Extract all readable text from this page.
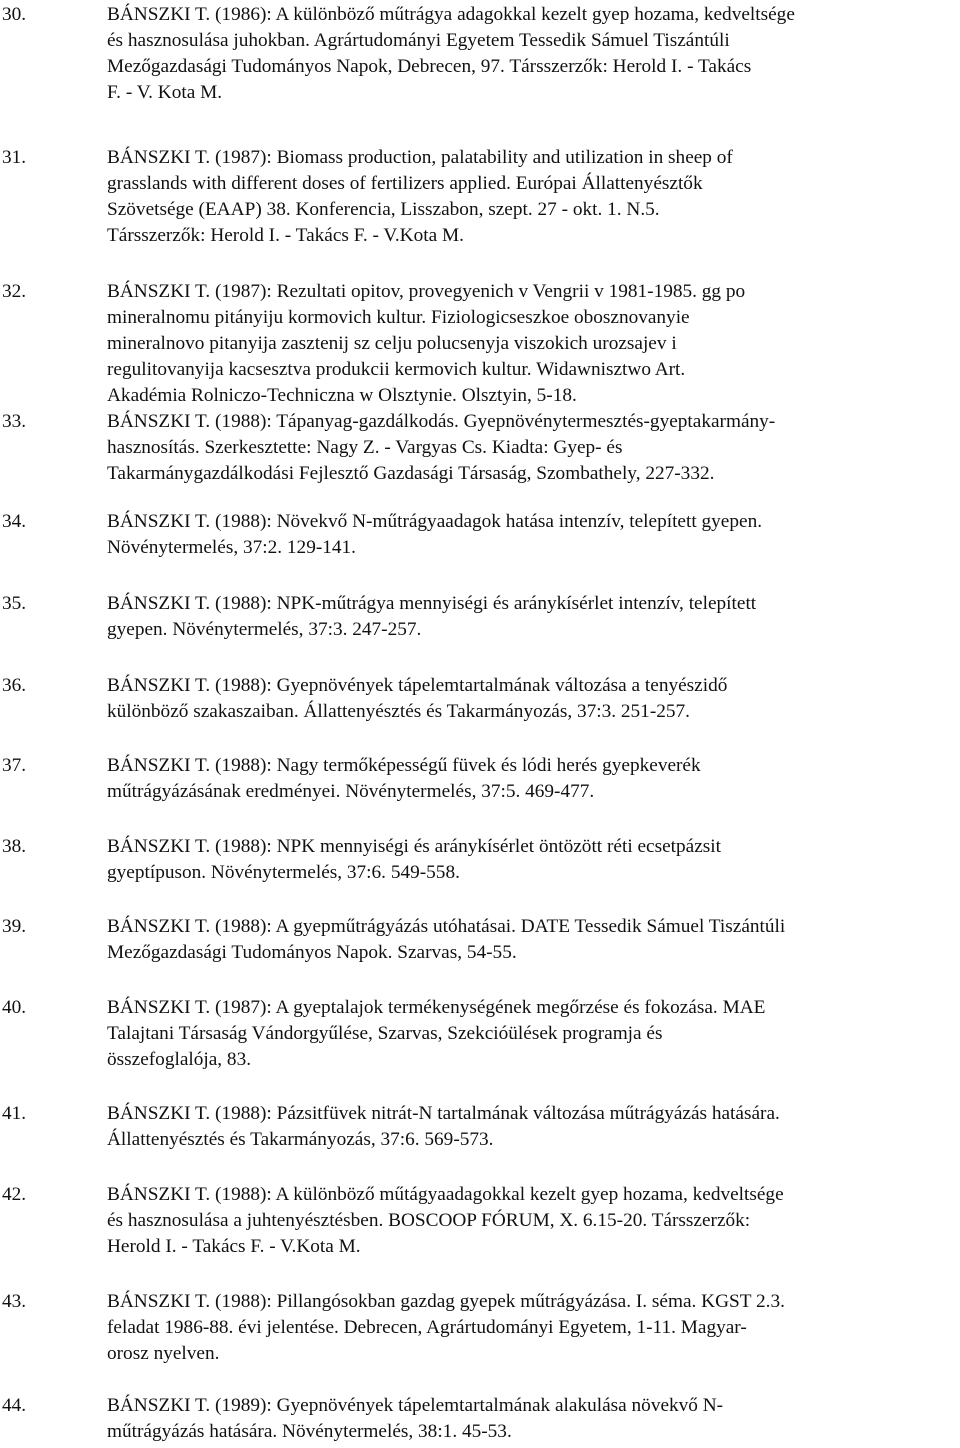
30.	BÁNSZKI T. (1986): A különböző műtrágya adagokkal kezelt gyep hozama, kedveltsége
és hasznosulása juhokban. Agrártudományi Egyetem Tessedik Sámuel Tiszántúli
Mezőgazdasági Tudományos Napok, Debrecen, 97. Társszerzők: Herold I. - Takács
F. - V. Kota M.
31.	BÁNSZKI T. (1987): Biomass production, palatability and utilization in sheep of
grasslands with different doses of fertilizers applied. Európai Állattenyésztők
Szövetsége (EAAP) 38. Konferencia, Lisszabon, szept. 27 - okt. 1. N.5.
Társszerzők: Herold I. - Takács F. - V.Kota M.
32.	BÁNSZKI T. (1987): Rezultati opitov, provegyenich v Vengrii v 1981-1985. gg po
mineralnomu pitányiju kormovich kultur. Fiziologicseszkoe obosznovanyie
mineralnovo pitanyija zasztenij sz celju polucsenyja viszokich urozsajev i
regulitovanyija kacsesztva produkcii kermovich kultur. Widawnisztwo Art.
Akadémia Rolniczo-Techniczna w Olsztynie. Olsztyin, 5-18.
33.	BÁNSZKI T. (1988): Tápanyag-gazdálkodás. Gyepnövénytermesztés-gyeptakarmány-
hasznosítás. Szerkesztette: Nagy Z. - Vargyas Cs. Kiadta: Gyep- és
Takarmánygazdálkodási Fejlesztő Gazdasági Társaság, Szombathely, 227-332.
34.	BÁNSZKI T. (1988): Növekvő N-műtrágyaadagok hatása intenzív, telepített gyepen.
Növénytermelés, 37:2. 129-141.
35.	BÁNSZKI T. (1988): NPK-műtrágya mennyiségi és aránykísérlet intenzív, telepített
gyepen. Növénytermelés, 37:3. 247-257.
36.	BÁNSZKI T. (1988): Gyepnövények tápelemtartalmának változása a tenyészidő
különböző szakaszaiban. Állattenyésztés és Takarmányozás, 37:3. 251-257.
37.	BÁNSZKI T. (1988): Nagy termőképességű füvek és lódi herés gyepkeverék
műtrágyázásának eredményei. Növénytermelés, 37:5. 469-477.
38.	BÁNSZKI T. (1988): NPK mennyiségi és aránykísérlet öntözött réti ecsetpázsit
gyeptípuson. Növénytermelés, 37:6. 549-558.
39.	BÁNSZKI T. (1988): A gyepműtrágyázás utóhatásai. DATE Tessedik Sámuel Tiszántúli
Mezőgazdasági Tudományos Napok. Szarvas, 54-55.
40.	BÁNSZKI T. (1987): A gyeptalajok termékenységének megőrzése és fokozása. MAE
Talajtani Társaság Vándorgyűlése, Szarvas, Szekcióülések programja és
összefoglalója, 83.
41.	BÁNSZKI T. (1988): Pázsitfüvek nitrát-N tartalmának változása műtrágyázás hatására.
Állattenyésztés és Takarmányozás, 37:6. 569-573.
42.	BÁNSZKI T. (1988): A különböző műtágyaadagokkal kezelt gyep hozama, kedveltsége
és hasznosulása a juhtenyésztésben. BOSCOOP FÓRUM, X. 6.15-20. Társszerzők:
Herold I. - Takács F. - V.Kota M.
43.	BÁNSZKI T. (1988): Pillangósokban gazdag gyepek műtrágyázása. I. séma. KGST 2.3.
feladat 1986-88. évi jelentése. Debrecen, Agrártudományi Egyetem, 1-11. Magyar-
orosz nyelven.
44.	BÁNSZKI T. (1989): Gyepnövények tápelemtartalmának alakulása növekvő N-
műtrágyázás hatására. Növénytermelés, 38:1. 45-53.
